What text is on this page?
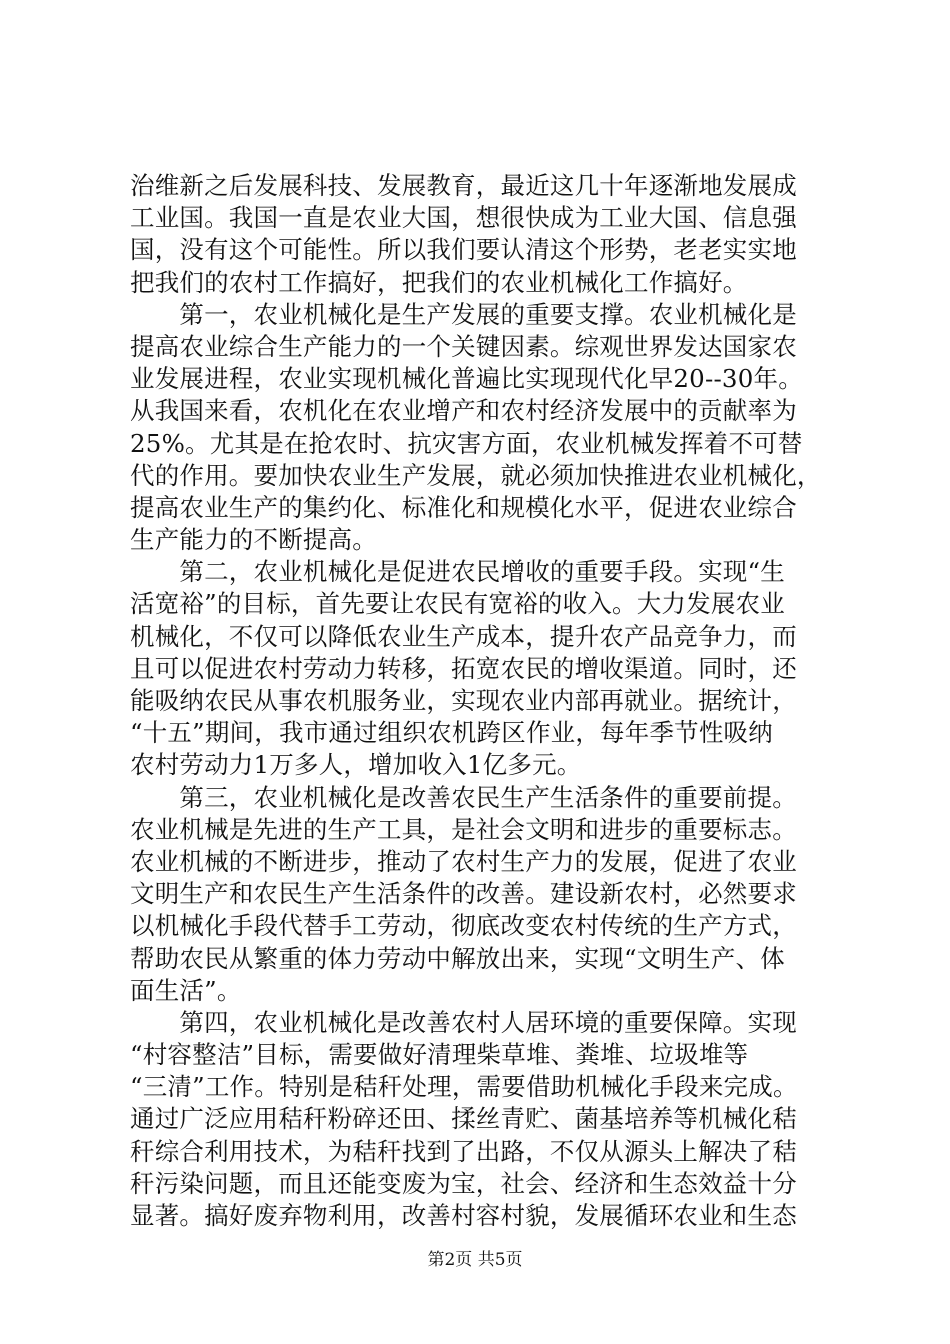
治维新之后发展科技、发展教育，最近这几十年逐渐地发展成
工业国。我国一直是农业大国，想很快成为工业大国、信息强
国，没有这个可能性。所以我们要认清这个形势，老老实实地
把我们的农村工作搞好，把我们的农业机械化工作搞好。
　　第一，农业机械化是生产发展的重要支撑。农业机械化是
提高农业综合生产能力的一个关键因素。综观世界发达国家农
业发展进程，农业实现机械化普遍比实现现代化早20--30年。
从我国来看，农机化在农业增产和农村经济发展中的贡献率为
25%。尤其是在抢农时、抗灾害方面，农业机械发挥着不可替
代的作用。要加快农业生产发展，就必须加快推进农业机械化，
提高农业生产的集约化、标准化和规模化水平，促进农业综合
生产能力的不断提高。
　　第二，农业机械化是促进农民增收的重要手段。实现“生
活宽裕”的目标，首先要让农民有宽裕的收入。大力发展农业
机械化，不仅可以降低农业生产成本，提升农产品竞争力，而
且可以促进农村劳动力转移，拓宽农民的增收渠道。同时，还
能吸纳农民从事农机服务业，实现农业内部再就业。据统计，
“十五”期间，我市通过组织农机跨区作业，每年季节性吸纳
农村劳动力1万多人，增加收入1亿多元。
　　第三，农业机械化是改善农民生产生活条件的重要前提。
农业机械是先进的生产工具，是社会文明和进步的重要标志。
农业机械的不断进步，推动了农村生产力的发展，促进了农业
文明生产和农民生产生活条件的改善。建设新农村，必然要求
以机械化手段代替手工劳动，彻底改变农村传统的生产方式，
帮助农民从繁重的体力劳动中解放出来，实现“文明生产、体
面生活”。
　　第四，农业机械化是改善农村人居环境的重要保障。实现
“村容整洁”目标，需要做好清理柴草堆、粪堆、垃圾堆等
“三清”工作。特别是秸秆处理，需要借助机械化手段来完成。
通过广泛应用秸秆粉碎还田、揉丝青贮、菌基培养等机械化秸
秆综合利用技术，为秸秆找到了出路，不仅从源头上解决了秸
秆污染问题，而且还能变废为宝，社会、经济和生态效益十分
显著。搞好废弃物利用，改善村容村貌，发展循环农业和生态
第2页 共5页
